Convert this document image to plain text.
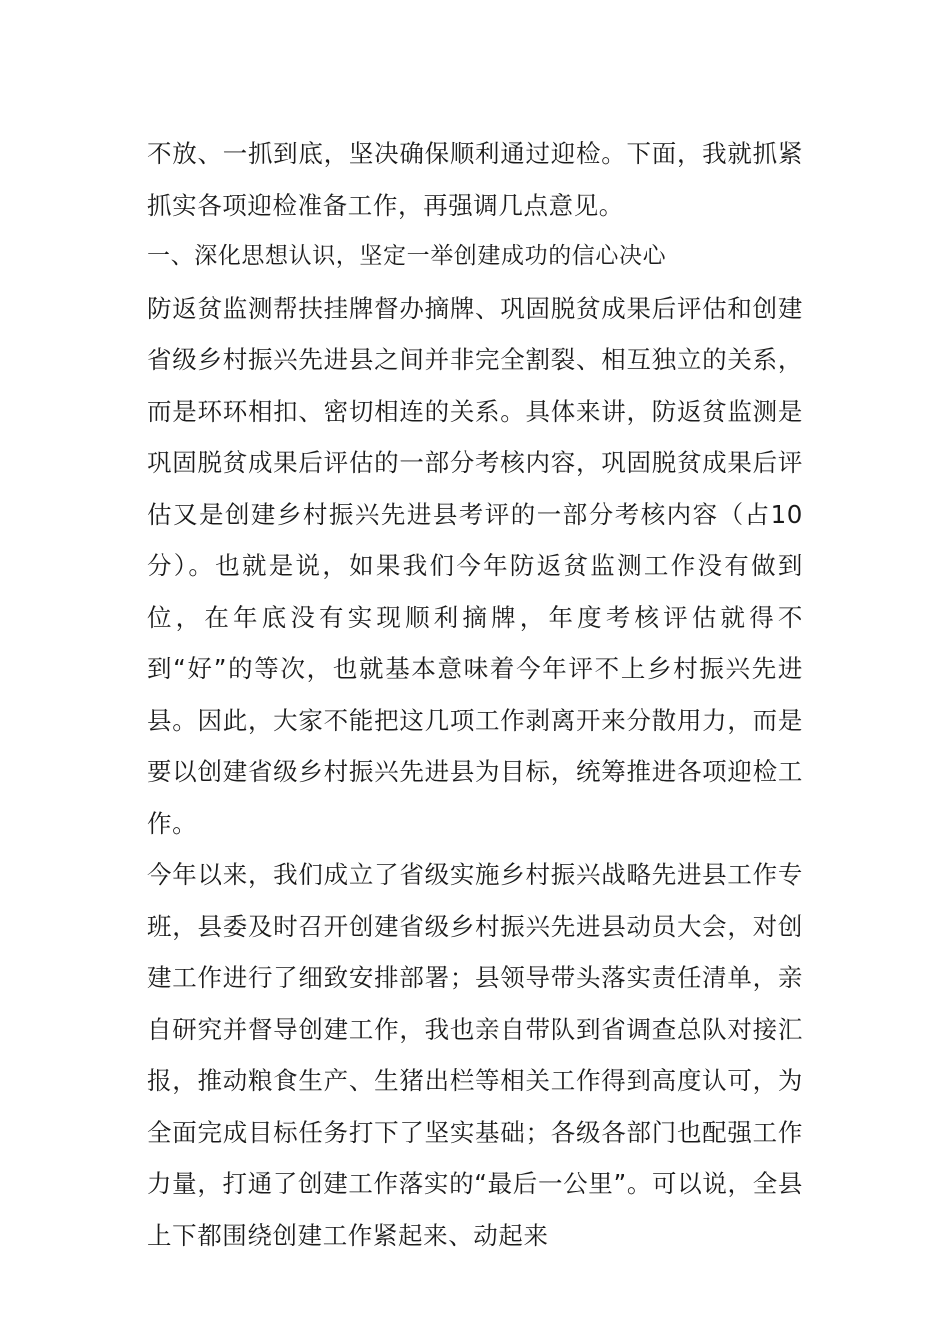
不放、一抓到底，坚决确保顺利通过迎检。下面，我就抓紧抓实各项迎检准备工作，再强调几点意见。

一、深化思想认识，坚定一举创建成功的信心决心

防返贫监测帮扶挂牌督办摘牌、巩固脱贫成果后评估和创建省级乡村振兴先进县之间并非完全割裂、相互独立的关系，而是环环相扣、密切相连的关系。具体来讲，防返贫监测是巩固脱贫成果后评估的一部分考核内容，巩固脱贫成果后评估又是创建乡村振兴先进县考评的一部分考核内容（占10分）。也就是说，如果我们今年防返贫监测工作没有做到位，在年底没有实现顺利摘牌，年度考核评估就得不到“好”的等次，也就基本意味着今年评不上乡村振兴先进县。因此，大家不能把这几项工作剥离开来分散用力，而是要以创建省级乡村振兴先进县为目标，统筹推进各项迎检工作。

今年以来，我们成立了省级实施乡村振兴战略先进县工作专班，县委及时召开创建省级乡村振兴先进县动员大会，对创建工作进行了细致安排部署；县领导带头落实责任清单，亲自研究并督导创建工作，我也亲自带队到省调查总队对接汇报，推动粮食生产、生猪出栏等相关工作得到高度认可，为全面完成目标任务打下了坚实基础；各级各部门也配强工作力量，打通了创建工作落实的“最后一公里”。可以说，全县上下都围绕创建工作紧起来、动起来
